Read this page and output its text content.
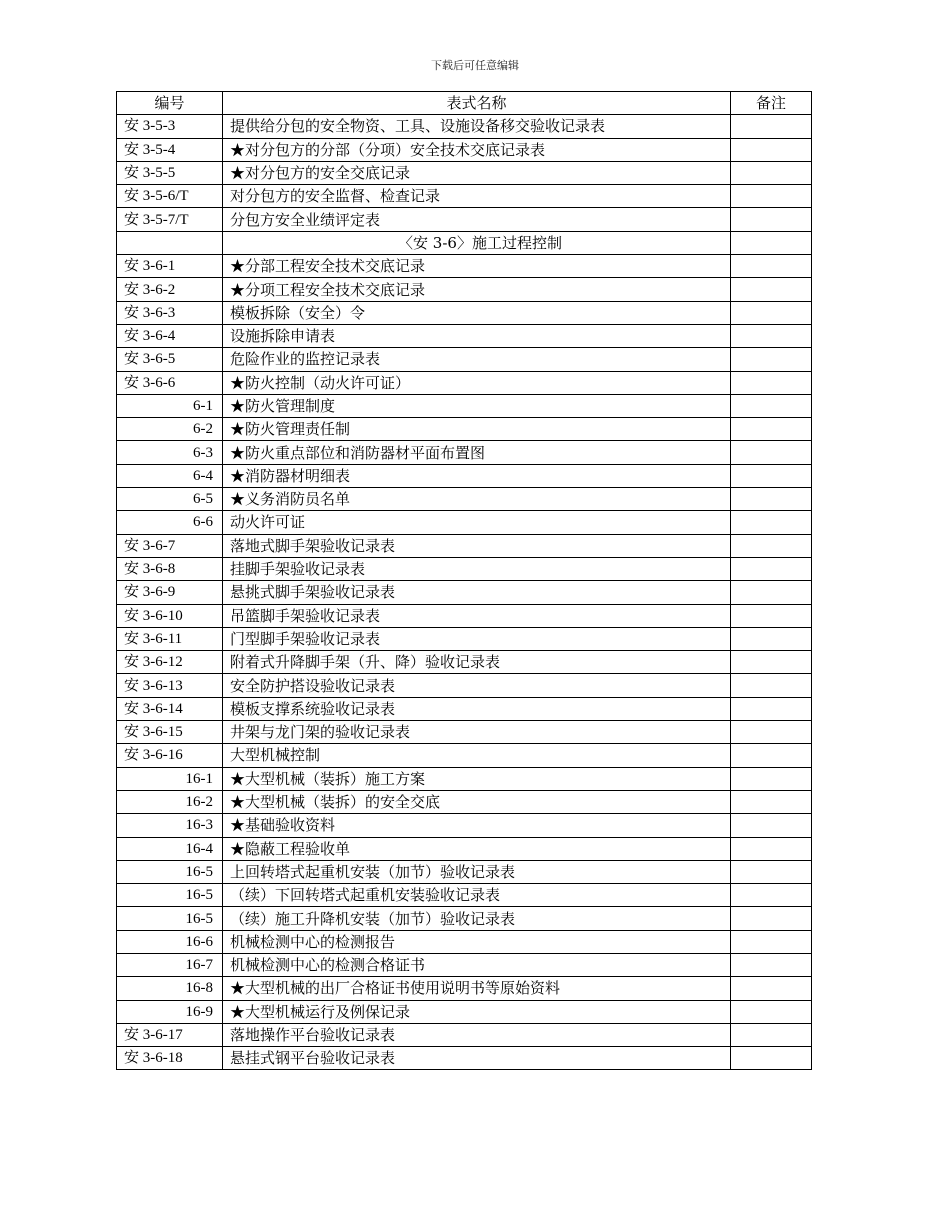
下载后可任意编辑
编号	表式名称	备注
安 3-5-3	提供给分包的安全物资、工具、设施设备移交验收记录表	
安 3-5-4	★对分包方的分部（分项）安全技术交底记录表	
安 3-5-5	★对分包方的安全交底记录	
安 3-5-6/T	对分包方的安全监督、检查记录	
安 3-5-7/T	分包方安全业绩评定表	
	〈安 3-6〉施工过程控制	
安 3-6-1	★分部工程安全技术交底记录	
安 3-6-2	★分项工程安全技术交底记录	
安 3-6-3	模板拆除（安全）令	
安 3-6-4	设施拆除申请表	
安 3-6-5	危险作业的监控记录表	
安 3-6-6	★防火控制（动火许可证）	
6-1	★防火管理制度	
6-2	★防火管理责任制	
6-3	★防火重点部位和消防器材平面布置图	
6-4	★消防器材明细表	
6-5	★义务消防员名单	
6-6	动火许可证	
安 3-6-7	落地式脚手架验收记录表	
安 3-6-8	挂脚手架验收记录表	
安 3-6-9	悬挑式脚手架验收记录表	
安 3-6-10	吊篮脚手架验收记录表	
安 3-6-11	门型脚手架验收记录表	
安 3-6-12	附着式升降脚手架（升、降）验收记录表	
安 3-6-13	安全防护搭设验收记录表	
安 3-6-14	模板支撑系统验收记录表	
安 3-6-15	井架与龙门架的验收记录表	
安 3-6-16	大型机械控制	
16-1	★大型机械（装拆）施工方案	
16-2	★大型机械（装拆）的安全交底	
16-3	★基础验收资料	
16-4	★隐蔽工程验收单	
16-5	上回转塔式起重机安装（加节）验收记录表	
16-5	（续）下回转塔式起重机安装验收记录表	
16-5	（续）施工升降机安装（加节）验收记录表	
16-6	机械检测中心的检测报告	
16-7	机械检测中心的检测合格证书	
16-8	★大型机械的出厂合格证书使用说明书等原始资料	
16-9	★大型机械运行及例保记录	
安 3-6-17	落地操作平台验收记录表	
安 3-6-18	悬挂式钢平台验收记录表	
